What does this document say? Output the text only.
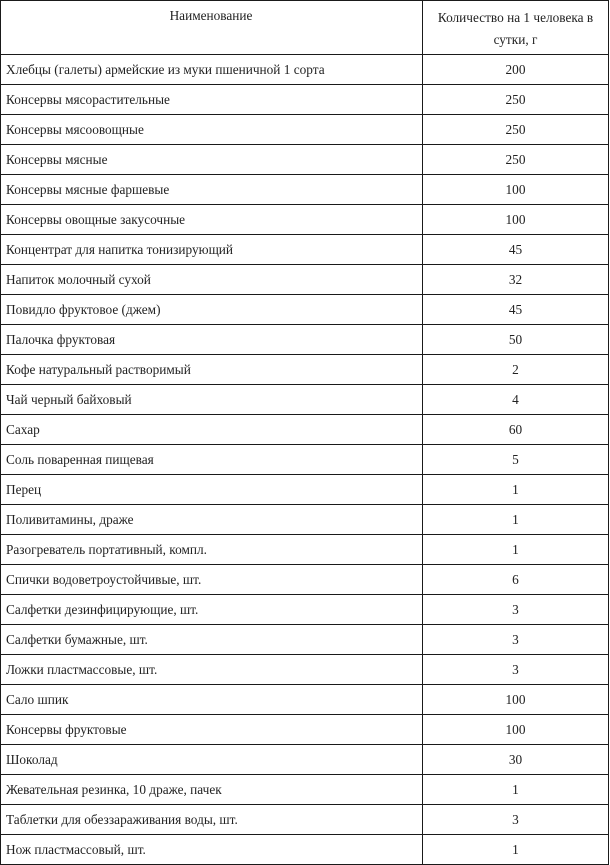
Наименование	Количество на 1 человека в сутки, г
Хлебцы (галеты) армейские из муки пшеничной 1 сорта	200
Консервы мясорастительные	250
Консервы мясоовощные	250
Консервы мясные	250
Консервы мясные фаршевые	100
Консервы овощные закусочные	100
Концентрат для напитка тонизирующий	45
Напиток молочный сухой	32
Повидло фруктовое (джем)	45
Палочка фруктовая	50
Кофе натуральный растворимый	2
Чай черный байховый	4
Сахар	60
Соль поваренная пищевая	5
Перец	1
Поливитамины, драже	1
Разогреватель портативный, компл.	1
Спички водоветроустойчивые, шт.	6
Салфетки дезинфицирующие, шт.	3
Салфетки бумажные, шт.	3
Ложки пластмассовые, шт.	3
Сало шпик	100
Консервы фруктовые	100
Шоколад	30
Жевательная резинка, 10 драже, пачек	1
Таблетки для обеззараживания воды, шт.	3
Нож пластмассовый, шт.	1
